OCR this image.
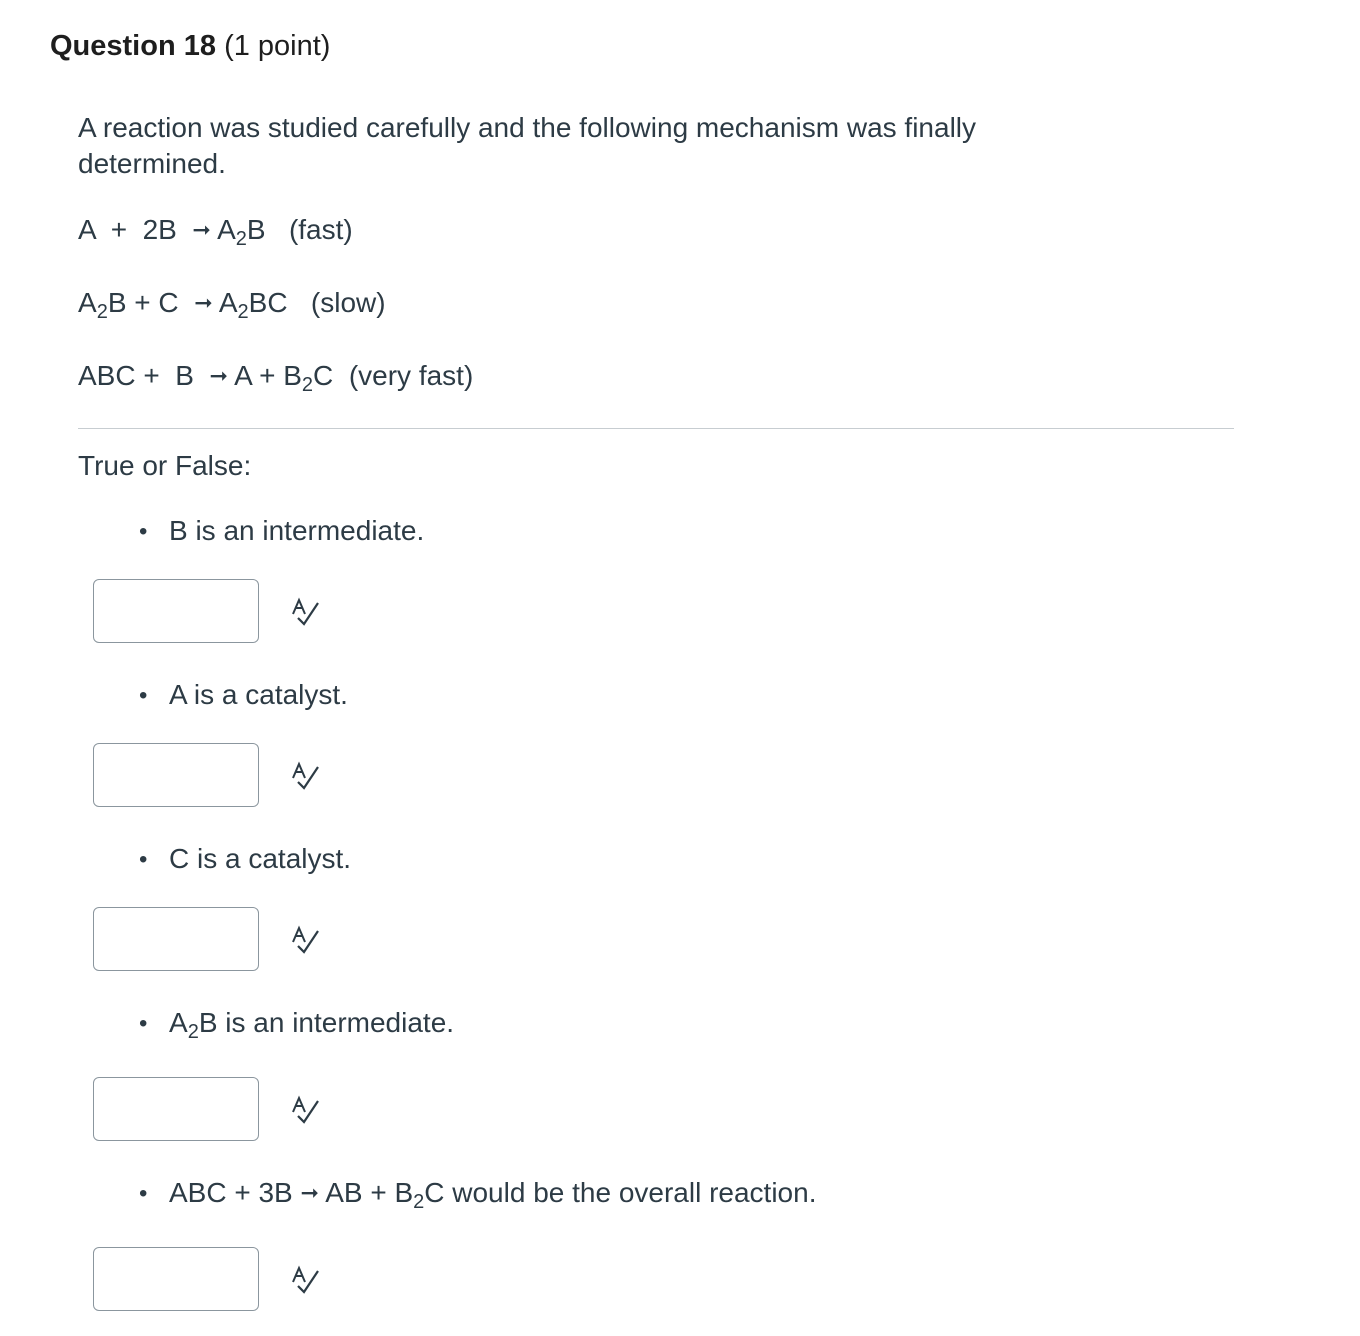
Question 18 (1 point)
A reaction was studied carefully and the following mechanism was finally determined.
A  +  2B ➞ $A_2B$ (fast)
$A_2B + C$ ➞ $A_2BC$ (slow)
ABC +  B ➞ $A + B_2C$ (very fast)
True or False:
• B is an intermediate.
• A is a catalyst.
• C is a catalyst.
• $A_2B$ is an intermediate.
• ABC + 3B ➞ AB + $B_2C$ would be the overall reaction.
